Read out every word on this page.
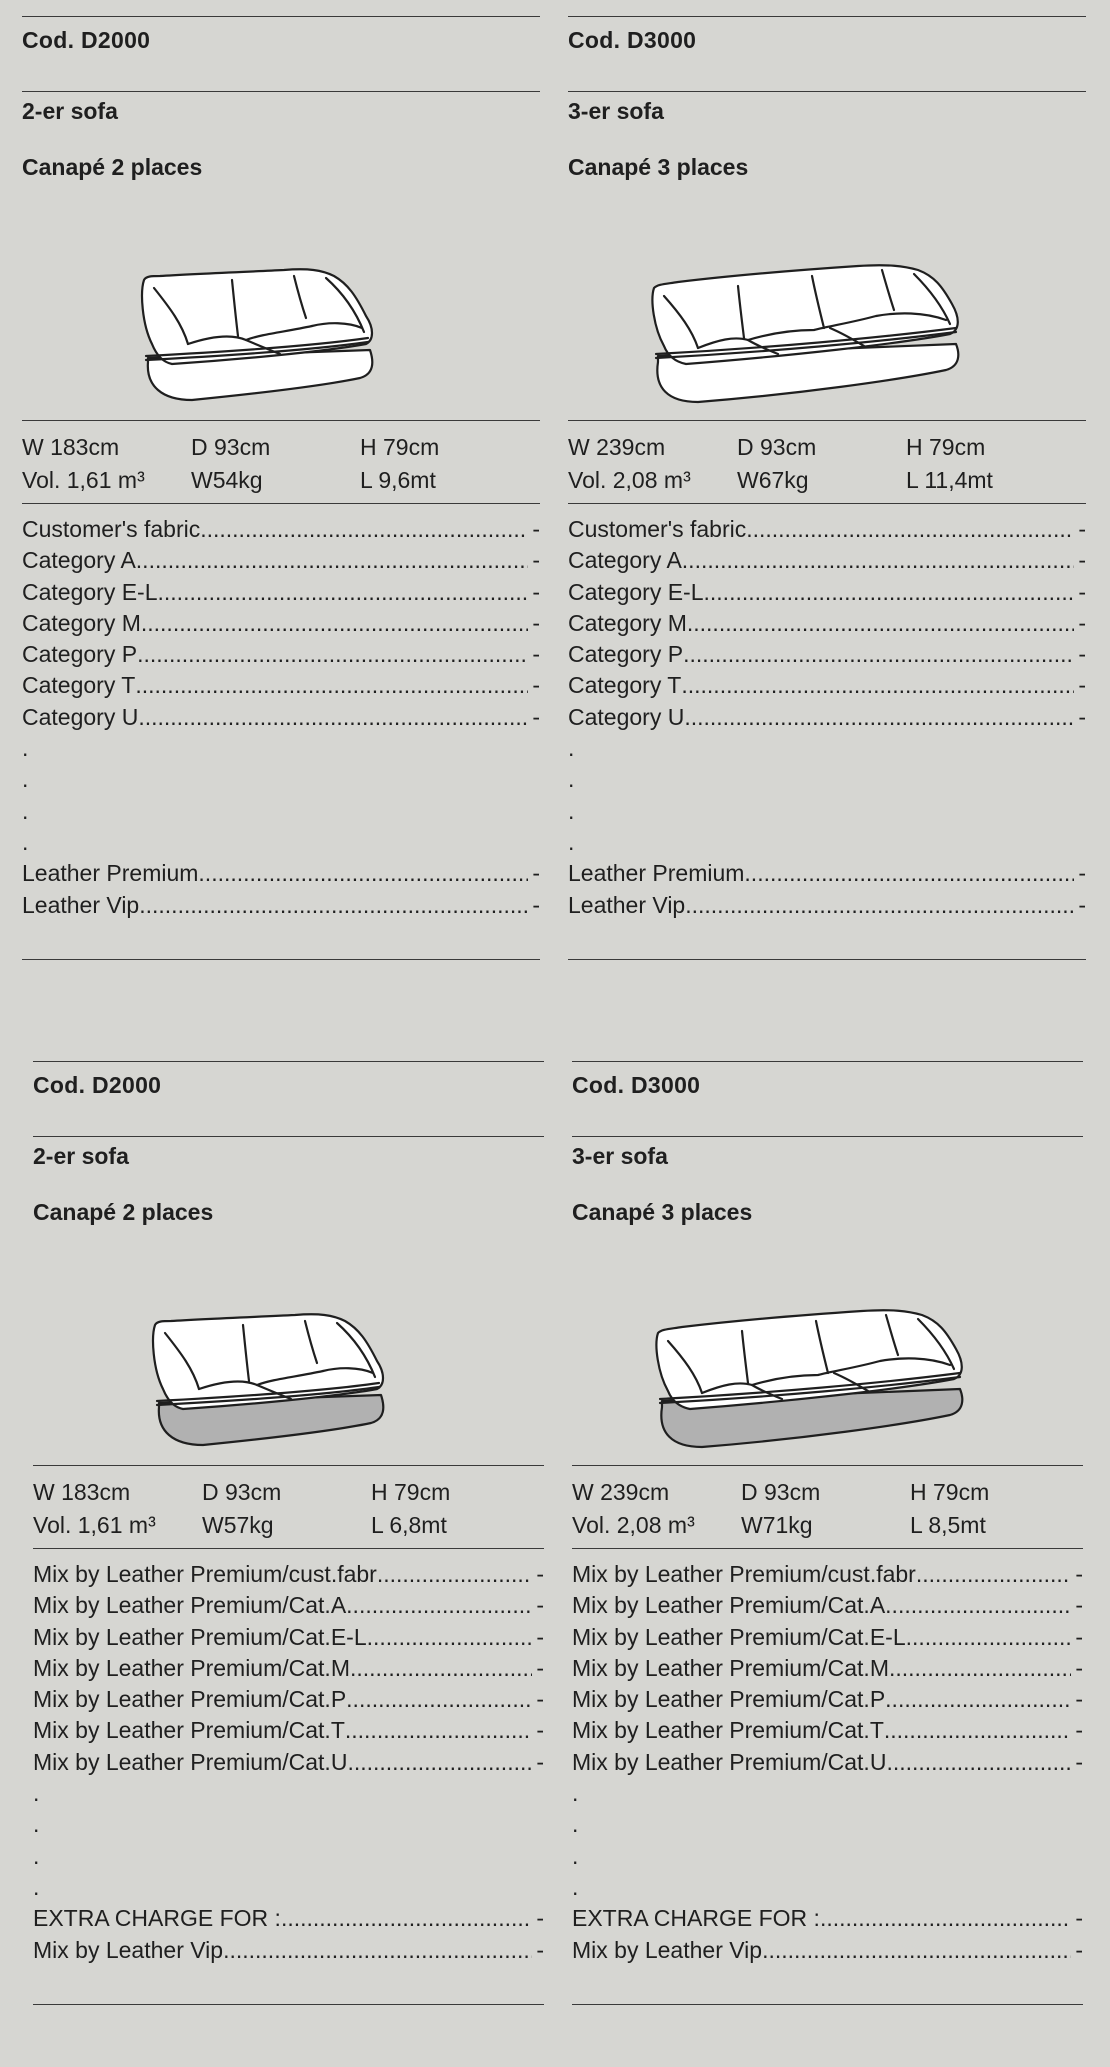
Cod. D2000
2-er sofa
Canapé 2 places
W 183cm	D 93cm	H 79cm
Vol. 1,61 m³	W54kg	L 9,6mt
Customer's fabric .....	-
Category A .....	-
Category E-L .....	-
Category M .....	-
Category P .....	-
Category T .....	-
Category U .....	-
.
.
.
.
Leather Premium .....	-
Leather Vip .....	-
Cod. D3000
3-er sofa
Canapé 3 places
W 239cm	D 93cm	H 79cm
Vol. 2,08 m³	W67kg	L 11,4mt
Customer's fabric .....	-
Category A .....	-
Category E-L .....	-
Category M .....	-
Category P .....	-
Category T .....	-
Category U .....	-
.
.
.
.
Leather Premium .....	-
Leather Vip .....	-
Cod. D2000
2-er sofa
Canapé 2 places
W 183cm	D 93cm	H 79cm
Vol. 1,61 m³	W57kg	L 6,8mt
Mix by Leather Premium/cust.fabr .....	-
Mix by Leather Premium/Cat.A .....	-
Mix by Leather Premium/Cat.E-L .....	-
Mix by Leather Premium/Cat.M .....	-
Mix by Leather Premium/Cat.P .....	-
Mix by Leather Premium/Cat.T .....	-
Mix by Leather Premium/Cat.U .....	-
.
.
.
.
EXTRA CHARGE FOR : .....	-
Mix by Leather Vip .....	-
Cod. D3000
3-er sofa
Canapé 3 places
W 239cm	D 93cm	H 79cm
Vol. 2,08 m³	W71kg	L 8,5mt
Mix by Leather Premium/cust.fabr .....	-
Mix by Leather Premium/Cat.A .....	-
Mix by Leather Premium/Cat.E-L .....	-
Mix by Leather Premium/Cat.M .....	-
Mix by Leather Premium/Cat.P .....	-
Mix by Leather Premium/Cat.T .....	-
Mix by Leather Premium/Cat.U .....	-
.
.
.
.
EXTRA CHARGE FOR : .....	-
Mix by Leather Vip .....	-
